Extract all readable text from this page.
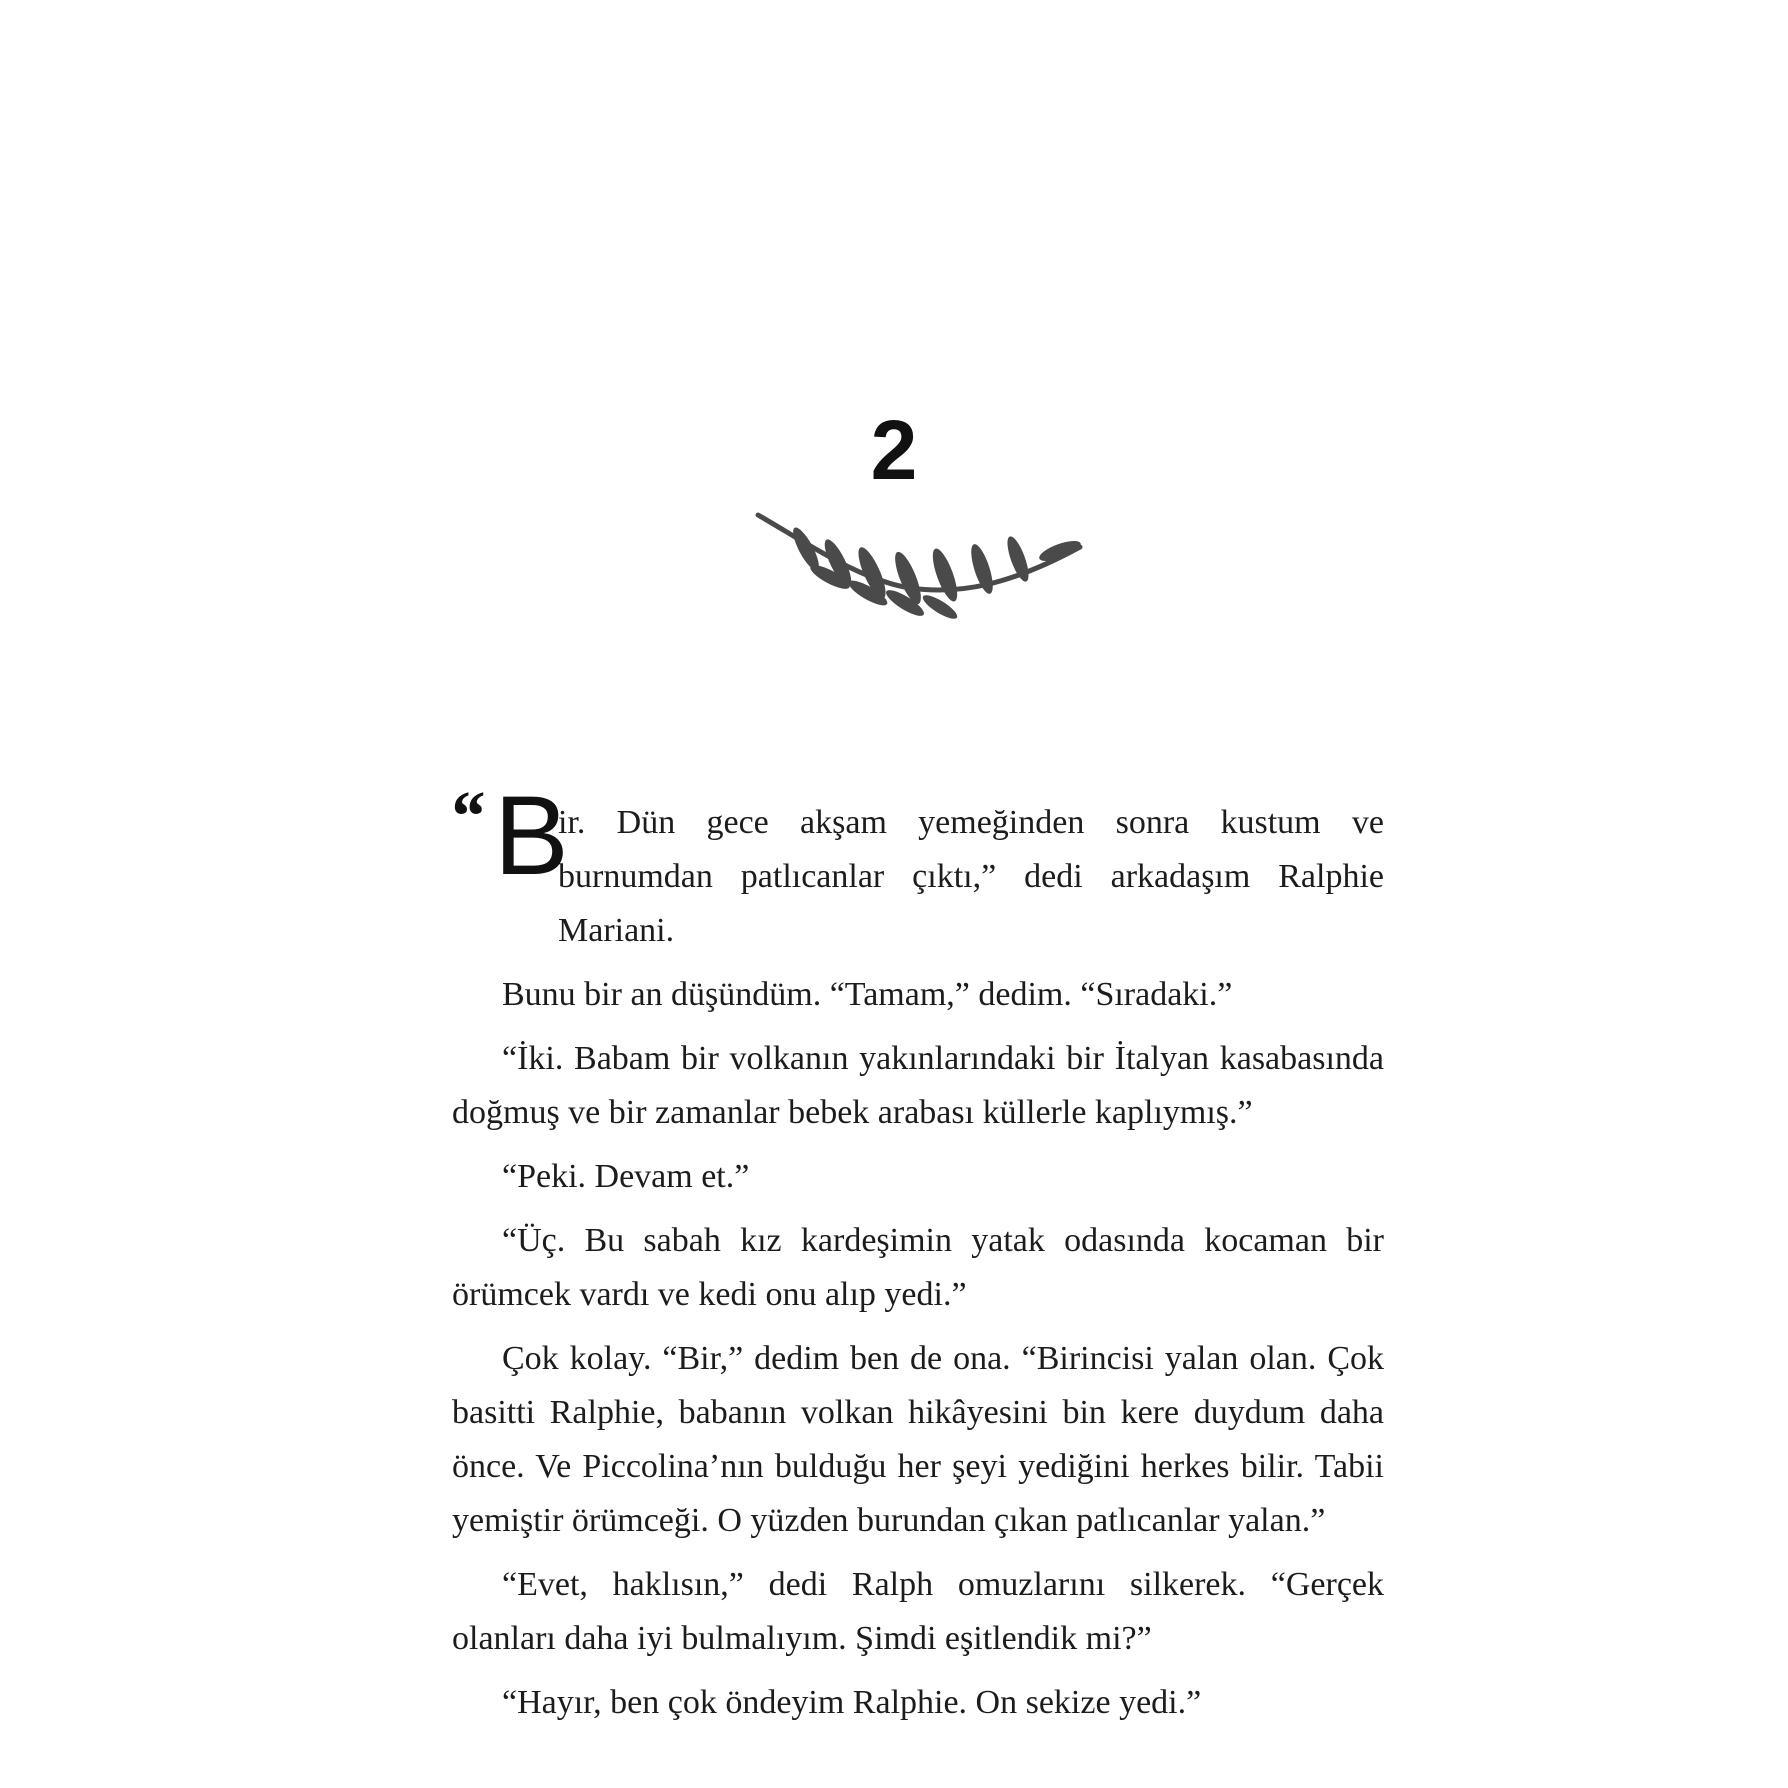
2

“ B
ir. Dün gece akşam yemeğinden sonra kustum ve burnumdan patlıcanlar çıktı,” dedi arkadaşım Ralphie Mariani.

Bunu bir an düşündüm. “Tamam,” dedim. “Sıradaki.”

“İki. Babam bir volkanın yakınlarındaki bir İtalyan kasabasında doğmuş ve bir zamanlar bebek arabası küllerle kaplıymış.”

“Peki. Devam et.”

“Üç. Bu sabah kız kardeşimin yatak odasında kocaman bir örümcek vardı ve kedi onu alıp yedi.”

Çok kolay. “Bir,” dedim ben de ona. “Birincisi yalan olan. Çok basitti Ralphie, babanın volkan hikâyesini bin kere duydum daha önce. Ve Piccolina’nın bulduğu her şeyi yediğini herkes bilir. Tabii yemiştir örümceği. O yüzden burundan çıkan patlıcanlar yalan.”

“Evet, haklısın,” dedi Ralph omuzlarını silkerek. “Gerçek olanları daha iyi bulmalıyım. Şimdi eşitlendik mi?”

“Hayır, ben çok öndeyim Ralphie. On sekize yedi.”
